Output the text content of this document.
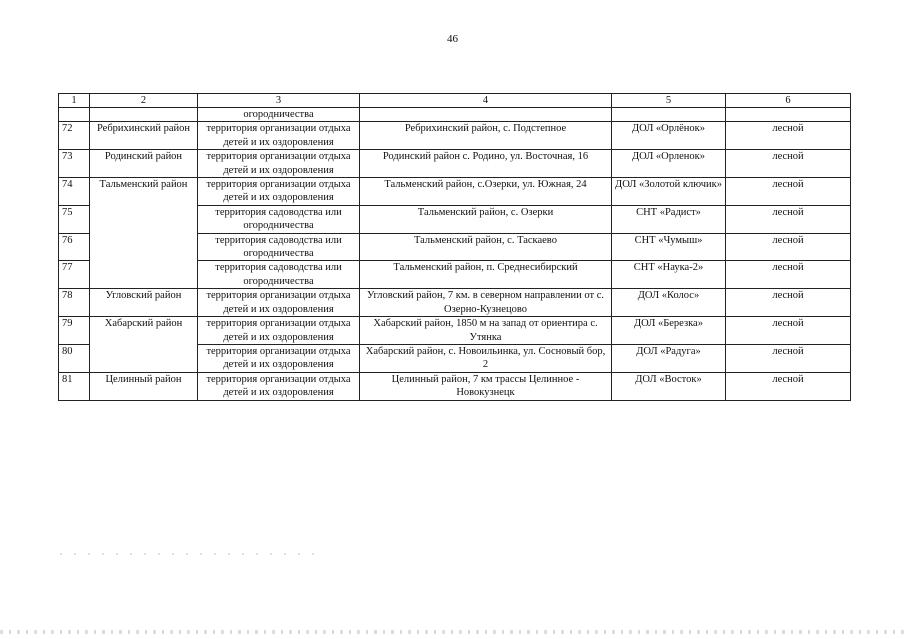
46
1	2	3	4	5	6
		огородничества			
72	Ребрихинский район	территория организации отдыха детей и их оздоровления	Ребрихинский район, с. Подстепное	ДОЛ «Орлёнок»	лесной
73	Родинский район	территория организации отдыха детей и их оздоровления	Родинский район с. Родино, ул. Восточная, 16	ДОЛ «Орленок»	лесной
74	Тальменский район	территория организации отдыха детей и их оздоровления	Тальменский район, с.Озерки, ул. Южная, 24	ДОЛ «Золотой ключик»	лесной
75		территория садоводства или огородничества	Тальменский район, с. Озерки	СНТ «Радист»	лесной
76		территория садоводства или огородничества	Тальменский район, с. Таскаево	СНТ «Чумыш»	лесной
77		территория садоводства или огородничества	Тальменский район, п. Среднесибирский	СНТ «Наука-2»	лесной
78	Угловский район	территория организации отдыха детей и их оздоровления	Угловский район, 7 км. в северном направлении от с. Озерно-Кузнецово	ДОЛ «Колос»	лесной
79	Хабарский район	территория организации отдыха детей и их оздоровления	Хабарский район, 1850 м на запад от ориентира с. Утянка	ДОЛ «Березка»	лесной
80		территория организации отдыха детей и их оздоровления	Хабарский район, с. Новоильинка, ул. Сосновый бор, 2	ДОЛ «Радуга»	лесной
81	Целинный район	территория организации отдыха детей и их оздоровления	Целинный район, 7 км трассы Целинное - Новокузнецк	ДОЛ «Восток»	лесной
